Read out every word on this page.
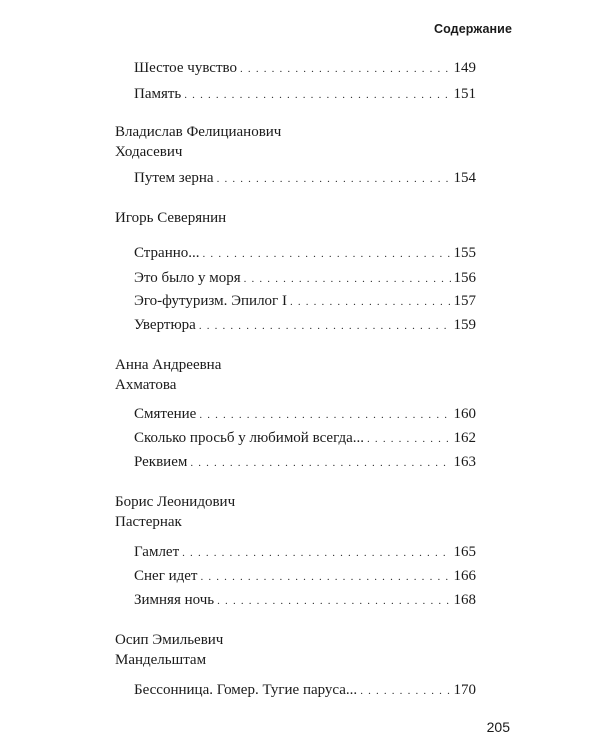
Содержание
Шестое чувство . . .	149
Память . . .	151
Владислав Фелицианович
Ходасевич
Путем зерна . . .	154
Игорь Северянин
Странно... . . .	155
Это было у моря . . .	156
Эго-футуризм. Эпилог I . . .	157
Увертюра . . .	159
Анна Андреевна
Ахматова
Смятение . . .	160
Сколько просьб у любимой всегда... . . .	162
Реквием . . .	163
Борис Леонидович
Пастернак
Гамлет . . .	165
Снег идет . . .	166
Зимняя ночь . . .	168
Осип Эмильевич
Мандельштам
Бессонница. Гомер. Тугие паруса... . . .	170
205
